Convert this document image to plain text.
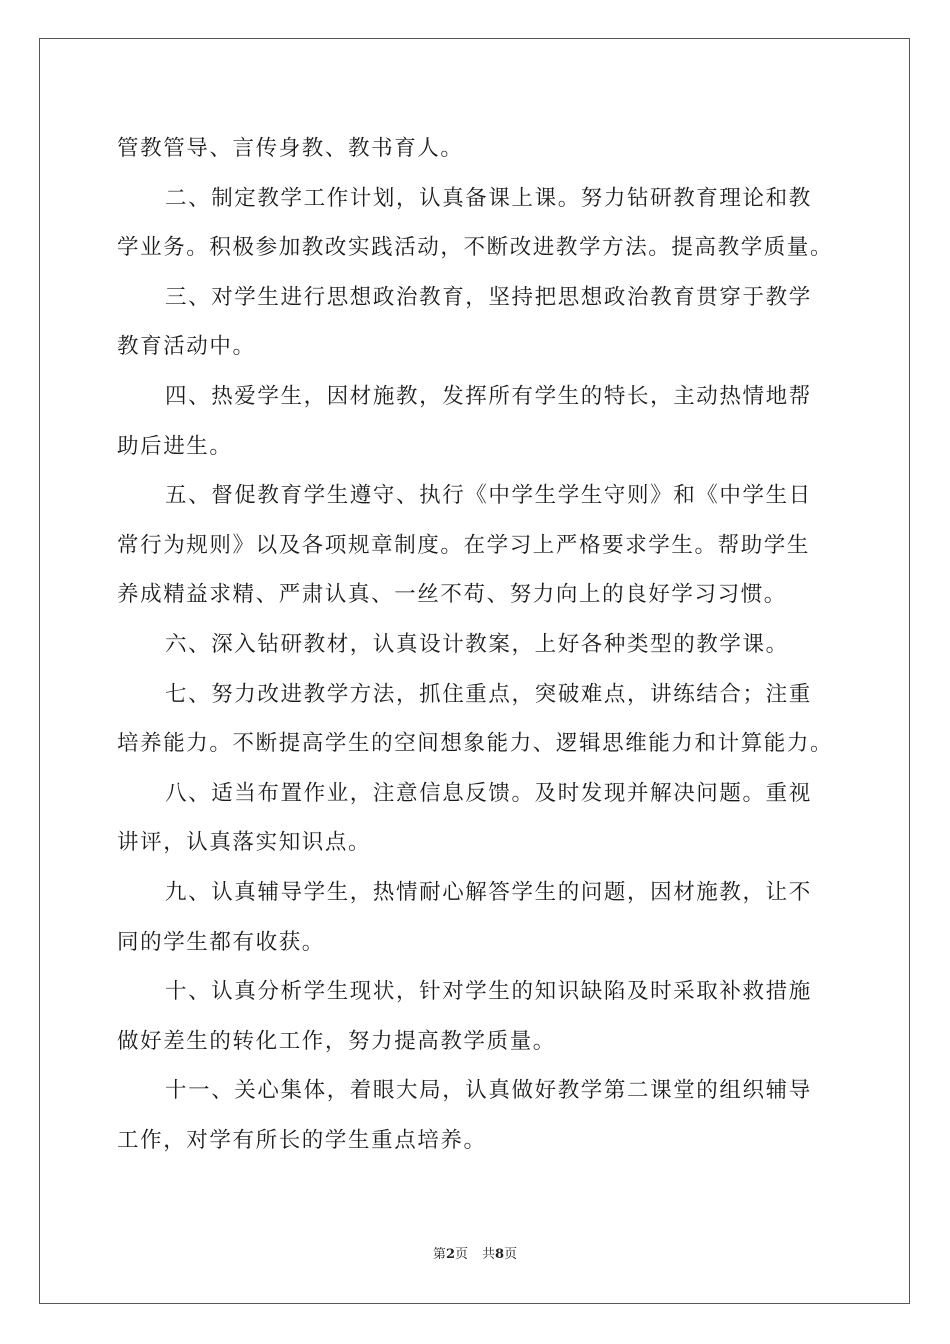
管教管导、言传身教、教书育人。
二、制定教学工作计划，认真备课上课。努力钻研教育理论和教
学业务。积极参加教改实践活动，不断改进教学方法。提高教学质量。
三、对学生进行思想政治教育，坚持把思想政治教育贯穿于教学
教育活动中。
四、热爱学生，因材施教，发挥所有学生的特长，主动热情地帮
助后进生。
五、督促教育学生遵守、执行《中学生学生守则》和《中学生日
常行为规则》以及各项规章制度。在学习上严格要求学生。帮助学生
养成精益求精、严肃认真、一丝不苟、努力向上的良好学习习惯。
六、深入钻研教材，认真设计教案，上好各种类型的教学课。
七、努力改进教学方法，抓住重点，突破难点，讲练结合；注重
培养能力。不断提高学生的空间想象能力、逻辑思维能力和计算能力。
八、适当布置作业，注意信息反馈。及时发现并解决问题。重视
讲评，认真落实知识点。
九、认真辅导学生，热情耐心解答学生的问题，因材施教，让不
同的学生都有收获。
十、认真分析学生现状，针对学生的知识缺陷及时采取补救措施
做好差生的转化工作，努力提高教学质量。
十一、关心集体，着眼大局，认真做好教学第二课堂的组织辅导
工作，对学有所长的学生重点培养。
第2页 共8页
